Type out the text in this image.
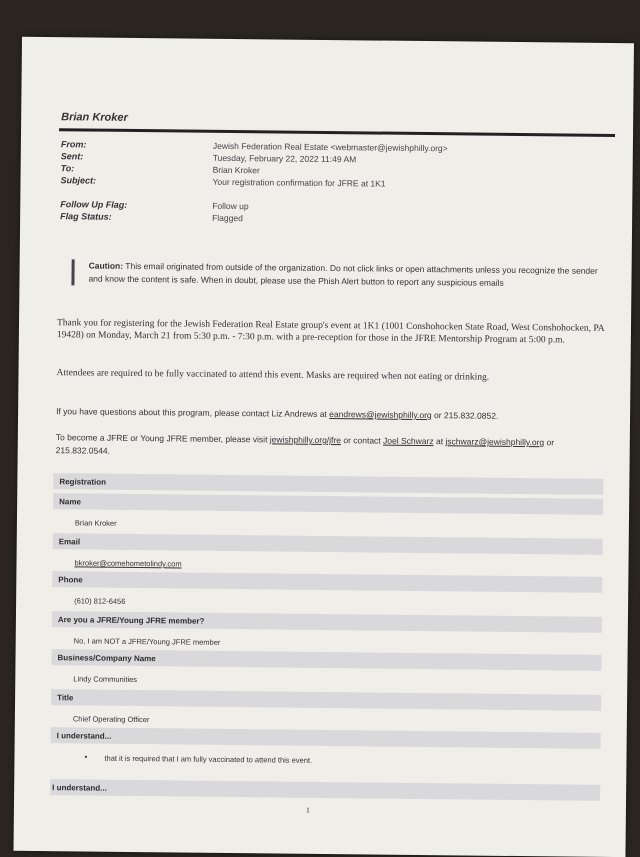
Brian Kroker
From:	Jewish Federation Real Estate <webmaster@jewishphilly.org>
Sent:	Tuesday, February 22, 2022 11:49 AM
To:	Brian Kroker
Subject:	Your registration confirmation for JFRE at 1K1
Follow Up Flag:	Follow up
Flag Status:	Flagged
Caution: This email originated from outside of the organization. Do not click links or open attachments unless you recognize the sender and know the content is safe. When in doubt, please use the Phish Alert button to report any suspicious emails
Thank you for registering for the Jewish Federation Real Estate group's event at 1K1 (1001 Conshohocken State Road, West Conshohocken, PA 19428) on Monday, March 21 from 5:30 p.m. - 7:30 p.m. with a pre-reception for those in the JFRE Mentorship Program at 5:00 p.m.
Attendees are required to be fully vaccinated to attend this event. Masks are required when not eating or drinking.
If you have questions about this program, please contact Liz Andrews at eandrews@jewishphilly.org or 215.832.0852.
To become a JFRE or Young JFRE member, please visit jewishphilly.org/jfre or contact Joel Schwarz at jschwarz@jewishphilly.org or 215.832.0544.
Registration
Name
Brian Kroker
Email
bkroker@comehometolindy.com
Phone
(610) 812-6456
Are you a JFRE/Young JFRE member?
No, I am NOT a JFRE/Young JFRE member
Business/Company Name
Lindy Communities
Title
Chief Operating Officer
I understand...
• that it is required that I am fully vaccinated to attend this event.
I understand...
1
